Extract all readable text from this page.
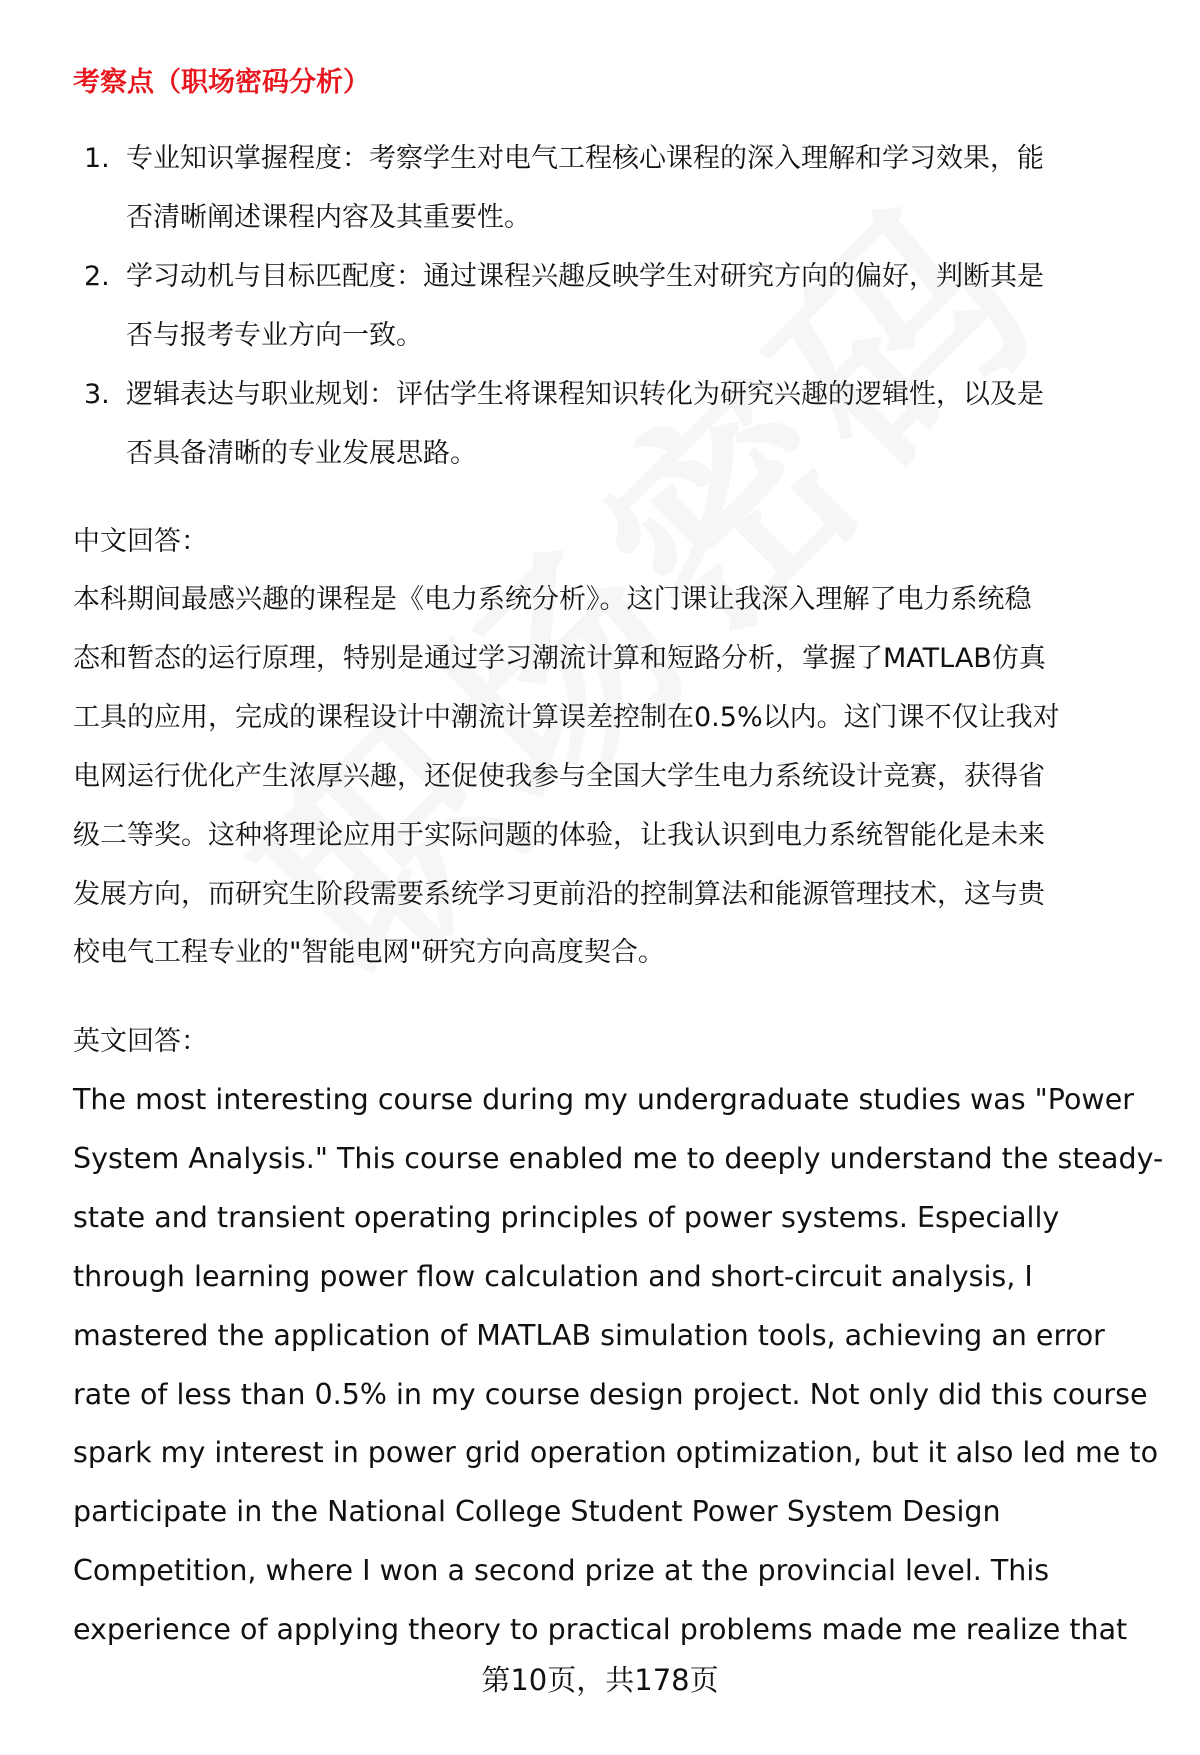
考察点（职场密码分析）
1. 专业知识掌握程度：考察学生对电气工程核心课程的深入理解和学习效果，能
否清晰阐述课程内容及其重要性。
2. 学习动机与目标匹配度：通过课程兴趣反映学生对研究方向的偏好，判断其是
否与报考专业方向一致。
3. 逻辑表达与职业规划：评估学生将课程知识转化为研究兴趣的逻辑性，以及是
否具备清晰的专业发展思路。
中文回答：
本科期间最感兴趣的课程是《电力系统分析》。这门课让我深入理解了电力系统稳
态和暂态的运行原理，特别是通过学习潮流计算和短路分析，掌握了MATLAB仿真
工具的应用，完成的课程设计中潮流计算误差控制在0.5%以内。这门课不仅让我对
电网运行优化产生浓厚兴趣，还促使我参与全国大学生电力系统设计竞赛，获得省
级二等奖。这种将理论应用于实际问题的体验，让我认识到电力系统智能化是未来
发展方向，而研究生阶段需要系统学习更前沿的控制算法和能源管理技术，这与贵
校电气工程专业的"智能电网"研究方向高度契合。
英文回答：
The most interesting course during my undergraduate studies was "Power
System Analysis." This course enabled me to deeply understand the steady-
state and transient operating principles of power systems. Especially
through learning power flow calculation and short-circuit analysis, I
mastered the application of MATLAB simulation tools, achieving an error
rate of less than 0.5% in my course design project. Not only did this course
spark my interest in power grid operation optimization, but it also led me to
participate in the National College Student Power System Design
Competition, where I won a second prize at the provincial level. This
experience of applying theory to practical problems made me realize that
第10页，共178页
